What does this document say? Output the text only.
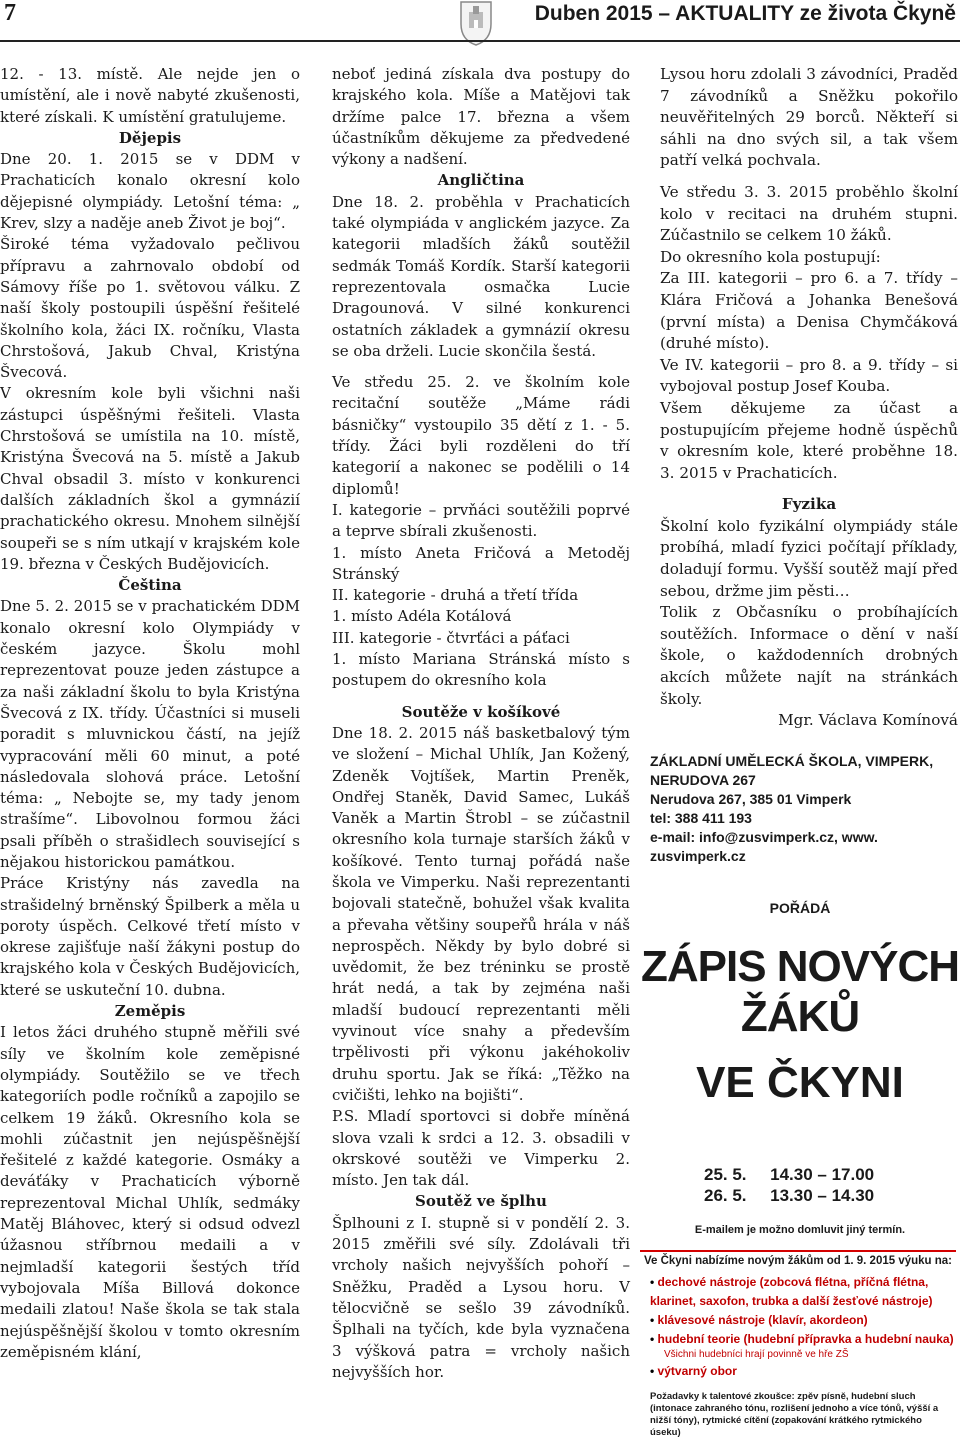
7	Duben 2015 – AKTUALITY ze života Čkyně

12. - 13. místě. Ale nejde jen o umístění, ale i nově nabyté zkušenosti, které získali. K umístění gratulujeme.

Dějepis

Dne 20. 1. 2015 se v DDM v Prachaticích konalo okresní kolo dějepisné olympiády. Letošní téma: „ Krev, slzy a naděje aneb Život je boj“.

Široké téma vyžadovalo pečlivou přípravu a zahrnovalo období od Sámovy říše po 1. světovou válku. Z naší školy postoupili úspěšní řešitelé školního kola, žáci IX. ročníku, Vlasta Chrstošová, Jakub Chval, Kristýna Švecová.

V okresním kole byli všichni naši zástupci úspěšnými řešiteli. Vlasta Chrstošová se umístila na 10. místě, Kristýna Švecová na 5. místě a Jakub Chval obsadil 3. místo v konkurenci dalších základních škol a gymnázií prachatického okresu. Mnohem silnější soupeři se s ním utkají v krajském kole 19. března v Českých Budějovicích.

Čeština

Dne 5. 2. 2015 se v prachatickém DDM konalo okresní kolo Olympiády v českém jazyce. Školu mohl reprezentovat pouze jeden zástupce a za naši základní školu to byla Kristýna Švecová z IX. třídy. Účastníci si museli poradit s mluvnickou částí, na jejíž vypracování měli 60 minut, a poté následovala slohová práce. Letošní téma: „ Nebojte se, my tady jenom strašíme“. Libovolnou formou žáci psali příběh o strašidlech související s nějakou historickou památkou.

Práce Kristýny nás zavedla na strašidelný brněnský Špilberk a měla u poroty úspěch. Celkové třetí místo v okrese zajišťuje naší žákyni postup do krajského kola v Českých Budějovicích, které se uskuteční 10. dubna.

Zeměpis

I letos žáci druhého stupně měřili své síly ve školním kole zeměpisné olympiády. Soutěžilo se ve třech kategoriích podle ročníků a zapojilo se celkem 19 žáků. Okresního kola se mohli zúčastnit jen nejúspěšnější řešitelé z každé kategorie. Osmáky a deváťáky v Prachaticích výborně reprezentoval Michal Uhlík, sedmáky Matěj Bláhovec, který si odsud odvezl úžasnou stříbrnou medaili a v nejmladší kategorii šestých tříd vybojovala Míša Billová dokonce medaili zlatou! Naše škola se tak stala nejúspěšnější školou v tomto okresním zeměpisném klání,

neboť jediná získala dva postupy do krajského kola. Míše a Matějovi tak držíme palce 17. března a všem účastníkům děkujeme za předvedené výkony a nadšení.

Angličtina

Dne 18. 2. proběhla v Prachaticích také olympiáda v anglickém jazyce. Za kategorii mladších žáků soutěžil sedmák Tomáš Kordík. Starší kategorii reprezentovala osmačka Lucie Dragounová. V silné konkurenci ostatních základek a gymnázií okresu se oba drželi. Lucie skončila šestá.

Ve středu 25. 2. ve školním kole recitační soutěže „Máme rádi básničky“ vystoupilo 35 dětí z 1. - 5. třídy. Žáci byli rozděleni do tří kategorií a nakonec se podělili o 14 diplomů!

I. kategorie – prvňáci soutěžili poprvé a teprve sbírali zkušenosti.

1. místo Aneta Fričová a Metoděj Stránský

II. kategorie - druhá a třetí třída

1. místo Adéla Kotálová

III. kategorie - čtvrťáci a páťaci

1. místo Mariana Stránská místo s postupem do okresního kola

Soutěže v košíkové

Dne 18. 2. 2015 náš basketbalový tým ve složení – Michal Uhlík, Jan Kožený, Zdeněk Vojtíšek, Martin Preněk, Ondřej Staněk, David Samec, Lukáš Vaněk a Martin Štrobl – se zúčastnil okresního kola turnaje starších žáků v košíkové. Tento turnaj pořádá naše škola ve Vimperku. Naši reprezentanti bojovali statečně, bohužel však kvalita a převaha většiny soupeřů hrála v náš neprospěch. Někdy by bylo dobré si uvědomit, že bez tréninku se prostě hrát nedá, a tak by zejména naši mladší budoucí reprezentanti měli vyvinout více snahy a především trpělivosti při výkonu jakéhokoliv druhu sportu. Jak se říká: „Těžko na cvičišti, lehko na bojišti“.

P.S. Mladí sportovci si dobře míněná slova vzali k srdci a 12. 3. obsadili v okrskové soutěži ve Vimperku 2. místo. Jen tak dál.

Soutěž ve šplhu

Šplhouni z I. stupně si v pondělí 2. 3. 2015 změřili své síly. Zdolávali tři vrcholy našich nejvyšších pohoří – Sněžku, Praděd a Lysou horu. V tělocvičně se sešlo 39 závodníků. Šplhali na tyčích, kde byla vyznačena 3 výšková patra = vrcholy našich nejvyšších hor.

Lysou horu zdolali 3 závodníci, Praděd 7 závodníků a Sněžku pokořilo neuvěřitelných 29 borců. Někteří si sáhli na dno svých sil, a tak všem patří velká pochvala.

Ve středu 3. 3. 2015 proběhlo školní kolo v recitaci na druhém stupni. Zúčastnilo se celkem 10 žáků.

Do okresního kola postupují:

Za III. kategorii – pro 6. a 7. třídy – Klára Fričová a Johanka Benešová (první místa) a Denisa Chymčáková (druhé místo).

Ve IV. kategorii – pro 8. a 9. třídy – si vybojoval postup Josef Kouba.

Všem děkujeme za účast a postupujícím přejeme hodně úspěchů v okresním kole, které proběhne 18. 3. 2015 v Prachaticích.

Fyzika

Školní kolo fyzikální olympiády stále probíhá, mladí fyzici počítají příklady, doladují formu. Vyšší soutěž mají před sebou, držme jim pěsti…

Tolik z Občasníku o probíhajících soutěžích. Informace o dění v naší škole, o každodenních drobných akcích můžete najít na stránkách školy.

Mgr. Václava Komínová

ZÁKLADNÍ UMĚLECKÁ ŠKOLA, VIMPERK, NERUDOVA 267
Nerudova 267, 385 01 Vimperk
tel: 388 411 193
e-mail: info@zusvimperk.cz, www. zusvimperk.cz
POŘÁDÁ
ZÁPIS NOVÝCH ŽÁKŮ
VE ČKYNI
25. 5.     14.30 – 17.00
26. 5.     13.30 – 14.30
E-mailem je možno domluvit jiný termín.
Ve Čkyni nabízíme novým žákům od 1. 9. 2015 výuku na:
• dechové nástroje (zobcová flétna, příčná flétna, klarinet, saxofon, trubka a další žesťové nástroje)
• klávesové nástroje (klavír, akordeon)
• hudební teorie (hudební přípravka a hudební nauka)
Všichni hudebníci hrají povinně ve hře ZŠ
• výtvarný obor
Požadavky k talentové zkoušce: zpěv písně, hudební sluch (intonace zahraného tónu, rozlišení jednoho a více tónů, výšší a nižší tóny), rytmické cítění (zopakování krátkého rytmického úseku)
